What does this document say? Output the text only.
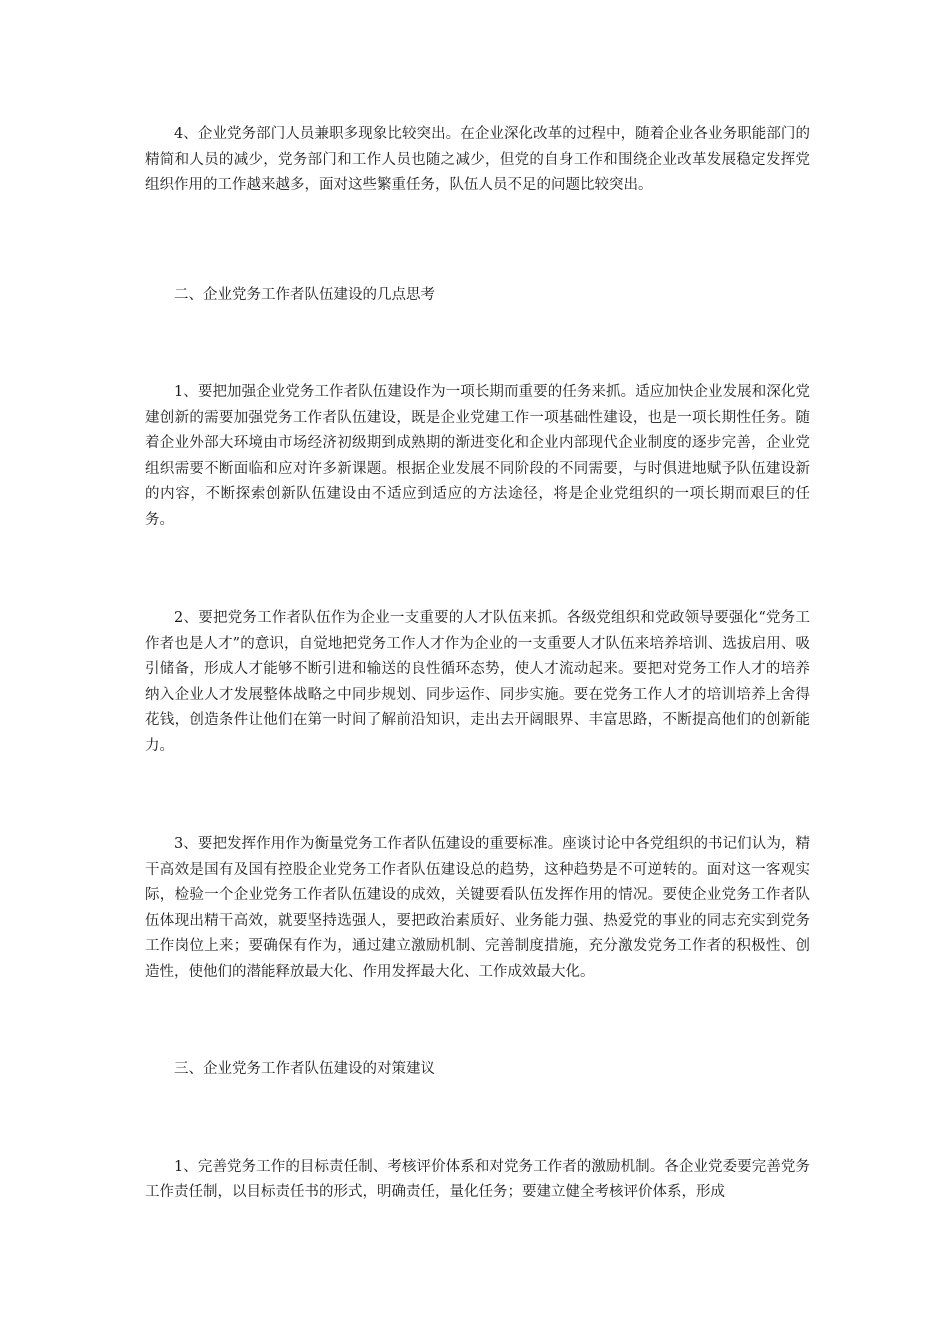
4、企业党务部门人员兼职多现象比较突出。在企业深化改革的过程中，随着企业各业务职能部门的精简和人员的减少，党务部门和工作人员也随之减少，但党的自身工作和围绕企业改革发展稳定发挥党组织作用的工作越来越多，面对这些繁重任务，队伍人员不足的问题比较突出。

二、企业党务工作者队伍建设的几点思考

1、要把加强企业党务工作者队伍建设作为一项长期而重要的任务来抓。适应加快企业发展和深化党建创新的需要加强党务工作者队伍建设，既是企业党建工作一项基础性建设，也是一项长期性任务。随着企业外部大环境由市场经济初级期到成熟期的渐进变化和企业内部现代企业制度的逐步完善，企业党组织需要不断面临和应对许多新课题。根据企业发展不同阶段的不同需要，与时俱进地赋予队伍建设新的内容，不断探索创新队伍建设由不适应到适应的方法途径，将是企业党组织的一项长期而艰巨的任务。

2、要把党务工作者队伍作为企业一支重要的人才队伍来抓。各级党组织和党政领导要强化“党务工作者也是人才”的意识，自觉地把党务工作人才作为企业的一支重要人才队伍来培养培训、选拔启用、吸引储备，形成人才能够不断引进和输送的良性循环态势，使人才流动起来。要把对党务工作人才的培养纳入企业人才发展整体战略之中同步规划、同步运作、同步实施。要在党务工作人才的培训培养上舍得花钱，创造条件让他们在第一时间了解前沿知识，走出去开阔眼界、丰富思路，不断提高他们的创新能力。

3、要把发挥作用作为衡量党务工作者队伍建设的重要标准。座谈讨论中各党组织的书记们认为，精干高效是国有及国有控股企业党务工作者队伍建设总的趋势，这种趋势是不可逆转的。面对这一客观实际，检验一个企业党务工作者队伍建设的成效，关键要看队伍发挥作用的情况。要使企业党务工作者队伍体现出精干高效，就要坚持选强人，要把政治素质好、业务能力强、热爱党的事业的同志充实到党务工作岗位上来；要确保有作为，通过建立激励机制、完善制度措施，充分激发党务工作者的积极性、创造性，使他们的潜能释放最大化、作用发挥最大化、工作成效最大化。

三、企业党务工作者队伍建设的对策建议

1、完善党务工作的目标责任制、考核评价体系和对党务工作者的激励机制。各企业党委要完善党务工作责任制，以目标责任书的形式，明确责任，量化任务；要建立健全考核评价体系，形成
